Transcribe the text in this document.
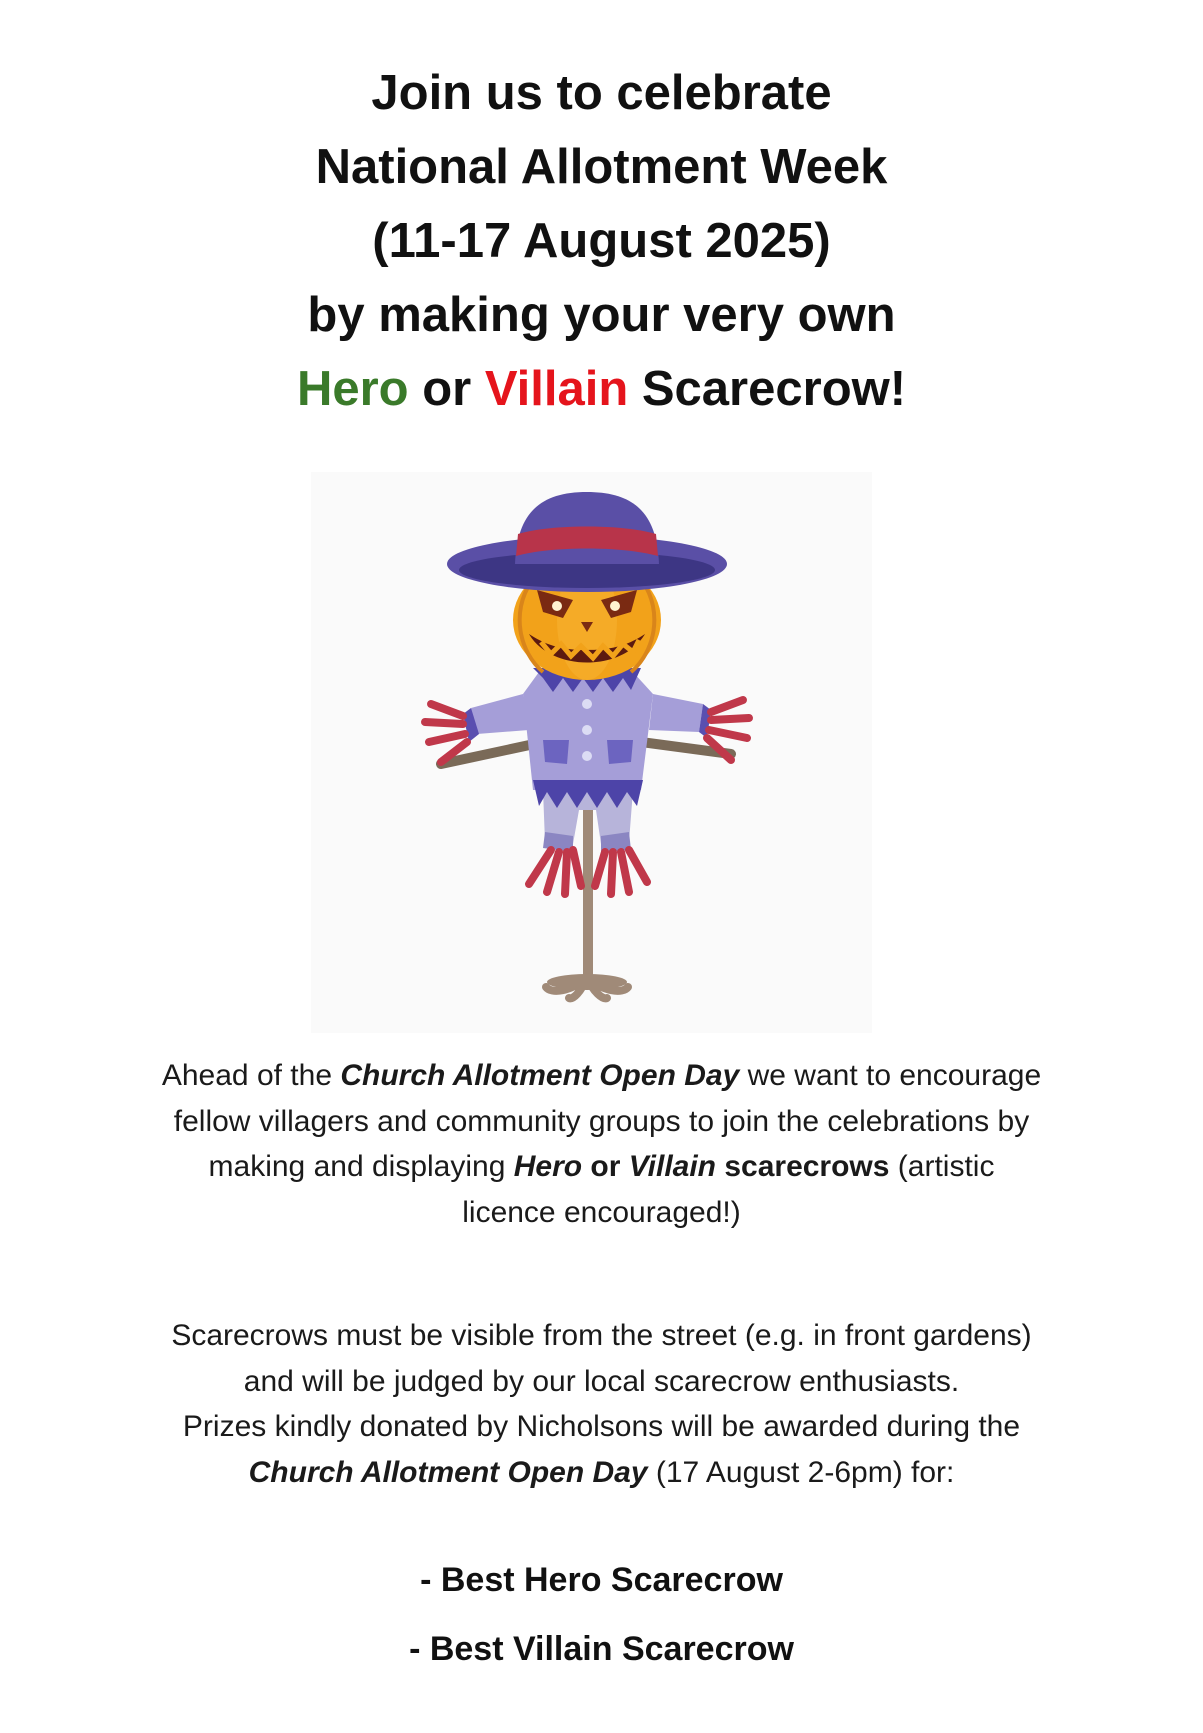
Join us to celebrate
National Allotment Week
(11-17 August 2025)
by making your very own
Hero or Villain Scarecrow!
Ahead of the Church Allotment Open Day we want to encourage
fellow villagers and community groups to join the celebrations by
making and displaying Hero or Villain scarecrows (artistic
licence encouraged!)
Scarecrows must be visible from the street (e.g. in front gardens)
and will be judged by our local scarecrow enthusiasts.
Prizes kindly donated by Nicholsons will be awarded during the
Church Allotment Open Day (17 August 2-6pm) for:
- Best Hero Scarecrow
- Best Villain Scarecrow
